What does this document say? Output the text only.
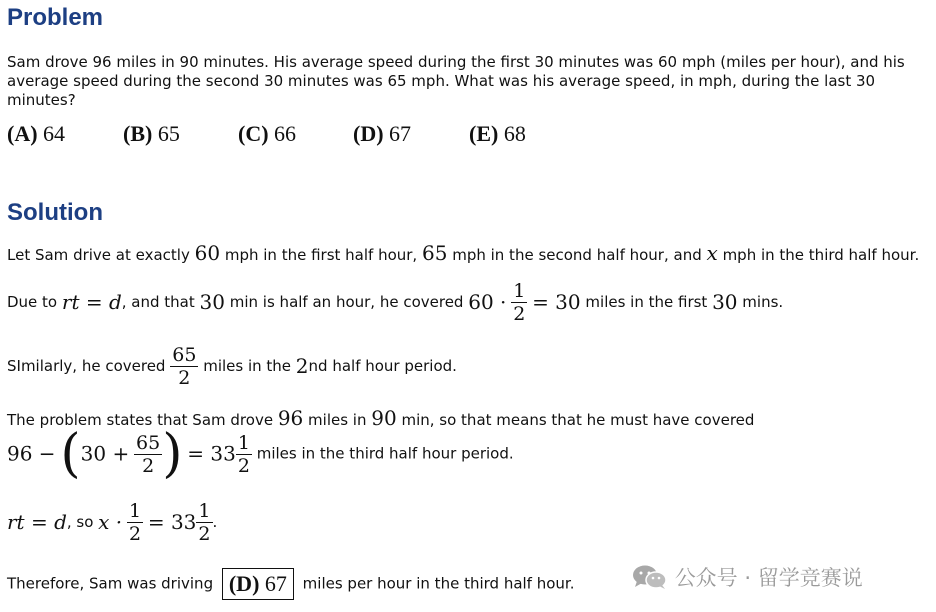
Problem
Sam drove 96 miles in 90 minutes. His average speed during the first 30 minutes was 60 mph (miles per hour), and his
average speed during the second 30 minutes was 65 mph. What was his average speed, in mph, during the last 30
minutes?
(A) 64	(B) 65	(C) 66	(D) 67	(E) 68
Solution
Let Sam drive at exactly 60 mph in the first half hour, 65 mph in the second half hour, and x mph in the third half hour.
Due to rt = d, and that 30 min is half an hour, he covered $60 \cdot \frac{1}{2} = 30$ miles in the first 30 mins.
SImilarly, he covered $\frac{65}{2}$ miles in the 2nd half hour period.
The problem states that Sam drove 96 miles in 90 min, so that means that he must have covered
$96 - (30 + \frac{65}{2}$ ) = $33 \frac{1}{2}$ miles in the third half hour period.
rt = d, so $x \cdot \frac{1}{2} = 33 \frac{1}{2}$ .
Therefore, Sam was driving (D) 67 miles per hour in the third half hour.	公众号 · 留学竞赛说
